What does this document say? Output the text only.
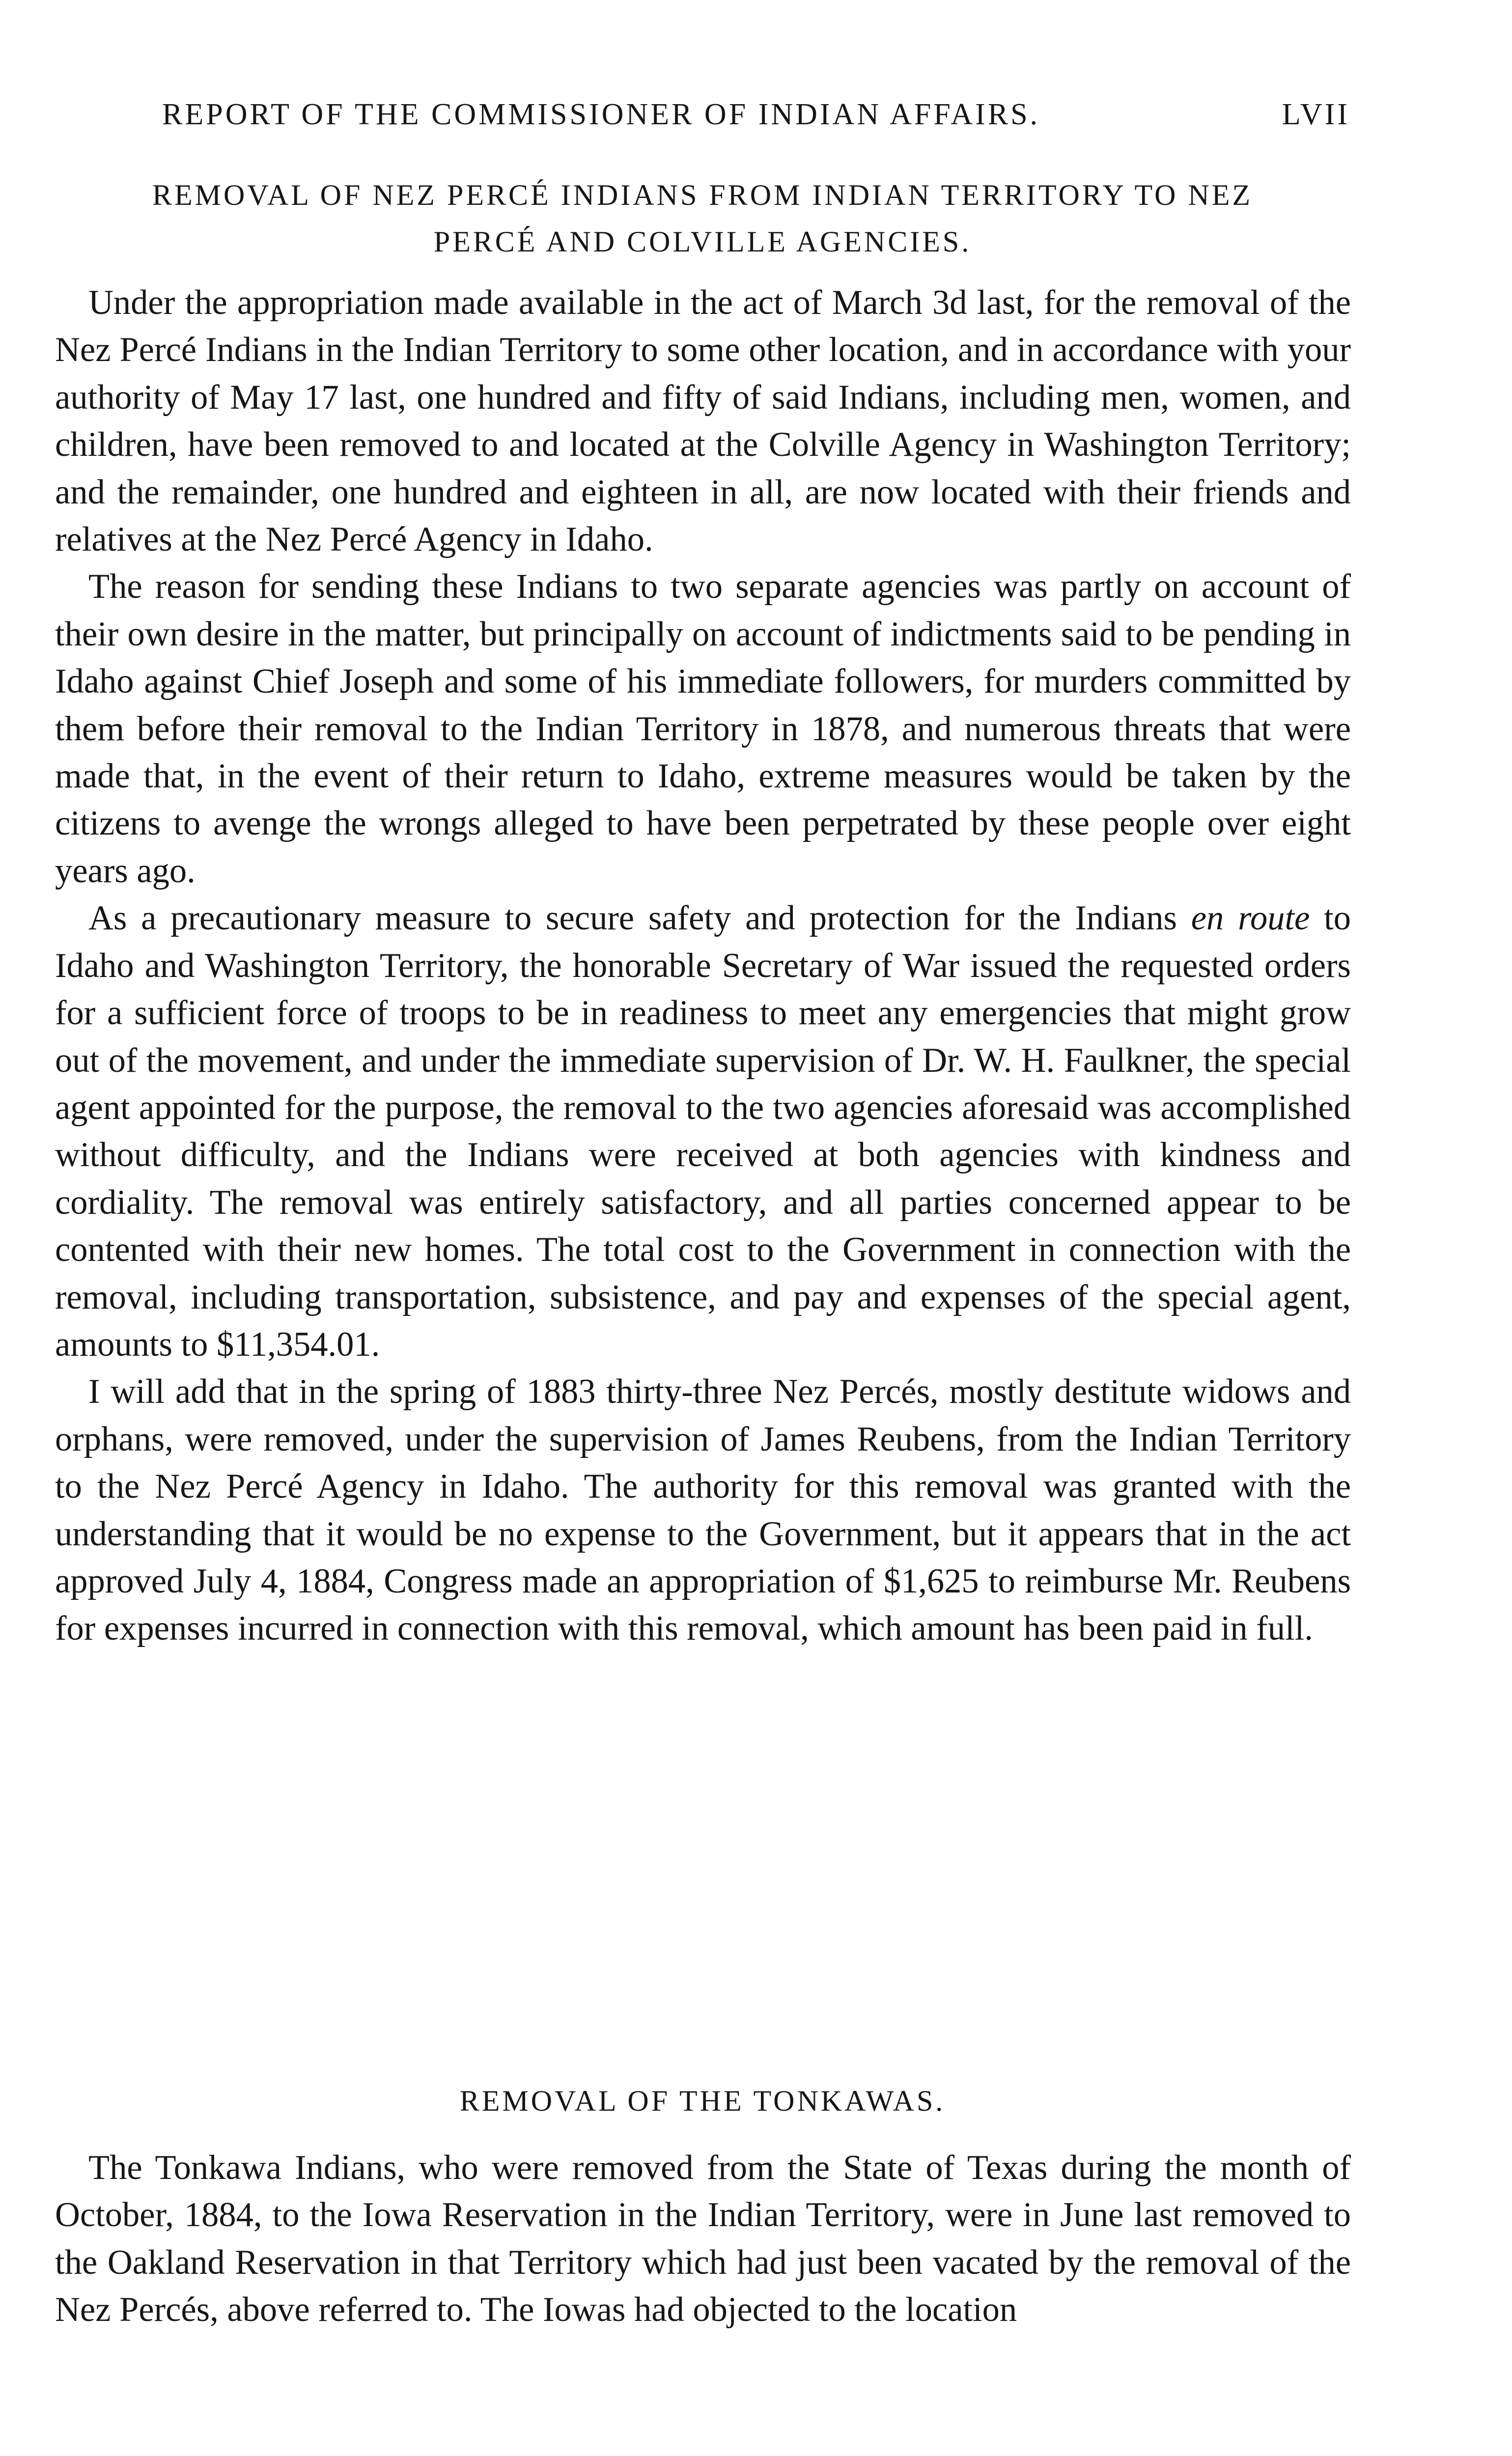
REPORT OF THE COMMISSIONER OF INDIAN AFFAIRS.	LVII
REMOVAL OF NEZ PERCÉ INDIANS FROM INDIAN TERRITORY TO NEZ
PERCÉ AND COLVILLE AGENCIES.

Under the appropriation made available in the act of March 3d last, for the removal of the Nez Percé Indians in the Indian Territory to some other location, and in accordance with your authority of May 17 last, one hundred and fifty of said Indians, including men, women, and children, have been removed to and located at the Colville Agency in Washington Territory; and the remainder, one hundred and eighteen in all, are now located with their friends and relatives at the Nez Percé Agency in Idaho.

The reason for sending these Indians to two separate agencies was partly on account of their own desire in the matter, but principally on account of indictments said to be pending in Idaho against Chief Joseph and some of his immediate followers, for murders committed by them before their removal to the Indian Territory in 1878, and numerous threats that were made that, in the event of their return to Idaho, extreme measures would be taken by the citizens to avenge the wrongs alleged to have been perpetrated by these people over eight years ago.

As a precautionary measure to secure safety and protection for the Indians en route to Idaho and Washington Territory, the honorable Secretary of War issued the requested orders for a sufficient force of troops to be in readiness to meet any emergencies that might grow out of the movement, and under the immediate supervision of Dr. W. H. Faulkner, the special agent appointed for the purpose, the removal to the two agencies aforesaid was accomplished without difficulty, and the Indians were received at both agencies with kindness and cordiality. The removal was entirely satisfactory, and all parties concerned appear to be contented with their new homes. The total cost to the Government in connection with the removal, including transportation, subsistence, and pay and expenses of the special agent, amounts to $11,354.01.

I will add that in the spring of 1883 thirty-three Nez Percés, mostly destitute widows and orphans, were removed, under the supervision of James Reubens, from the Indian Territory to the Nez Percé Agency in Idaho. The authority for this removal was granted with the understanding that it would be no expense to the Government, but it appears that in the act approved July 4, 1884, Congress made an appropriation of $1,625 to reimburse Mr. Reubens for expenses incurred in connection with this removal, which amount has been paid in full.

REMOVAL OF THE TONKAWAS.

The Tonkawa Indians, who were removed from the State of Texas during the month of October, 1884, to the Iowa Reservation in the Indian Territory, were in June last removed to the Oakland Reservation in that Territory which had just been vacated by the removal of the Nez Percés, above referred to. The Iowas had objected to the location
